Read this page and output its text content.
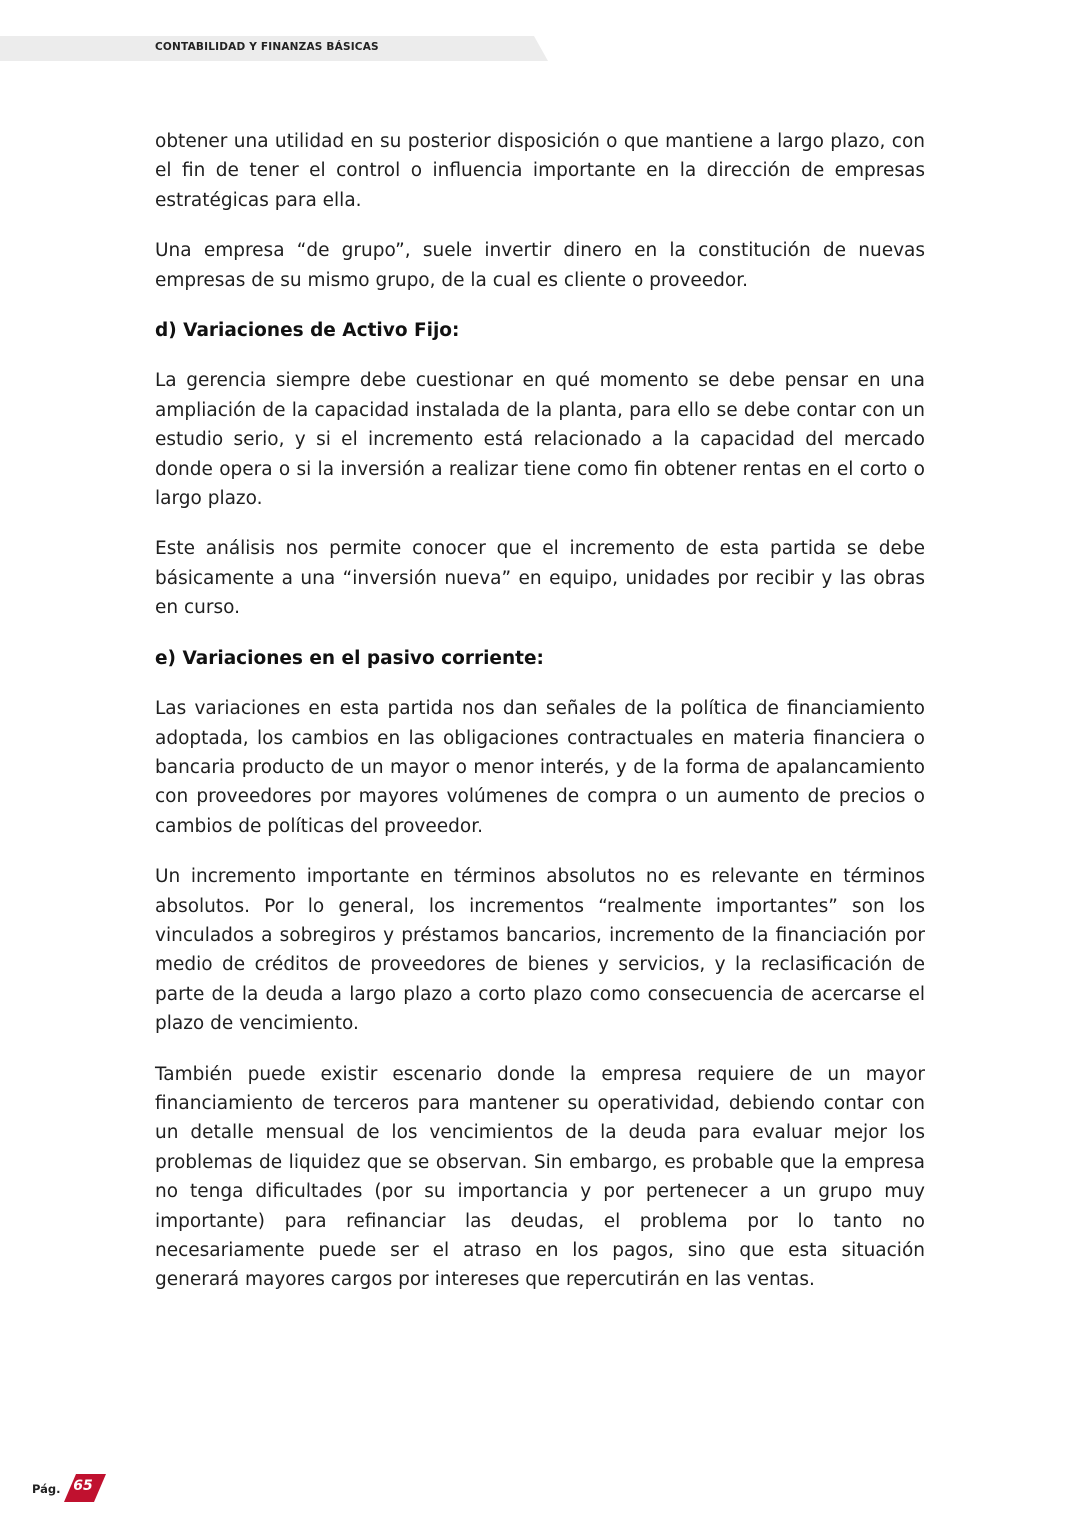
CONTABILIDAD Y FINANZAS BÁSICAS

obtener una utilidad en su posterior disposición o que mantiene a largo plazo, con el fin de tener el control o influencia importante en la dirección de empresas estratégicas para ella.

Una empresa “de grupo”, suele invertir dinero en la constitución de nuevas empresas de su mismo grupo, de la cual es cliente o proveedor.

d) Variaciones de Activo Fijo:

La gerencia siempre debe cuestionar en qué momento se debe pensar en una ampliación de la capacidad instalada de la planta, para ello se debe contar con un estudio serio, y si el incremento está relacionado a la capacidad del mercado donde opera o si la inversión a realizar tiene como fin obtener rentas en el corto o largo plazo.

Este análisis nos permite conocer que el incremento de esta partida se debe básicamente a una “inversión nueva” en equipo, unidades por recibir y las obras en curso.

e) Variaciones en el pasivo corriente:

Las variaciones en esta partida nos dan señales de la política de financiamiento adoptada, los cambios en las obligaciones contractuales en materia financiera o bancaria producto de un mayor o menor interés, y de la forma de apalancamiento con proveedores por mayores volúmenes de compra o un aumento de precios o cambios de políticas del proveedor.

Un incremento importante en términos absolutos no es relevante en términos absolutos. Por lo general, los incrementos “realmente importantes” son los vinculados a sobregiros y préstamos bancarios, incremento de la financiación por medio de créditos de proveedores de bienes y servicios, y la reclasificación de parte de la deuda a largo plazo a corto plazo como consecuencia de acercarse el plazo de vencimiento.

También puede existir escenario donde la empresa requiere de un mayor financiamiento de terceros para mantener su operatividad, debiendo contar con un detalle mensual de los vencimientos de la deuda para evaluar mejor los problemas de liquidez que se observan. Sin embargo, es probable que la empresa no tenga dificultades (por su importancia y por pertenecer a un grupo muy importante) para refinanciar las deudas, el problema por lo tanto no necesariamente puede ser el atraso en los pagos, sino que esta situación generará mayores cargos por intereses que repercutirán en las ventas.

Pág. 65
